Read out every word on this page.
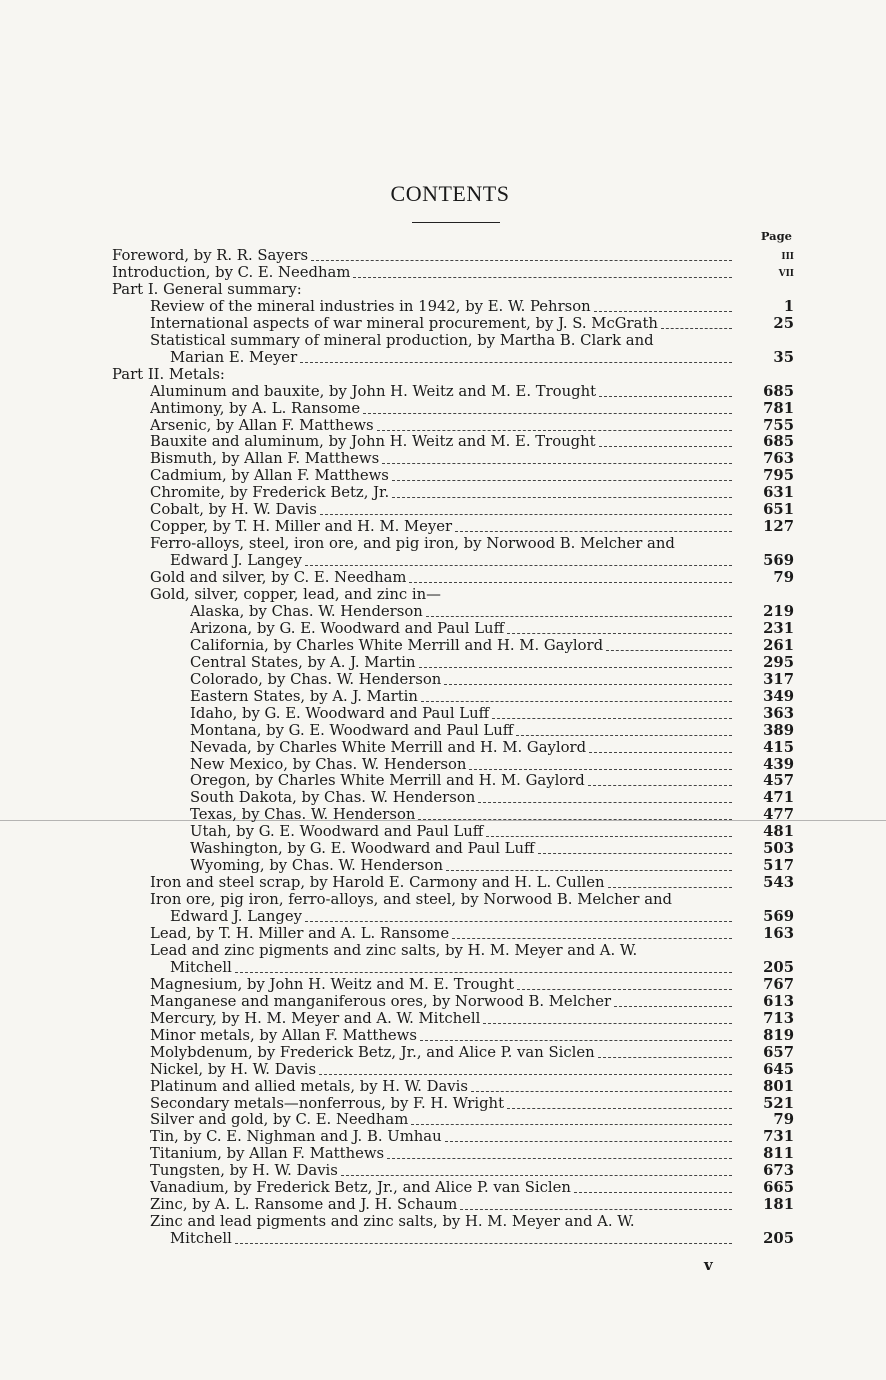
CONTENTS
Page
Foreword, by R. R. Sayers	iii
Introduction, by C. E. Needham	vii
Part I. General summary:
Review of the mineral industries in 1942, by E. W. Pehrson	1
International aspects of war mineral procurement, by J. S. McGrath	25
Statistical summary of mineral production, by Martha B. Clark and
Marian E. Meyer	35
Part II. Metals:
Aluminum and bauxite, by John H. Weitz and M. E. Trought	685
Antimony, by A. L. Ransome	781
Arsenic, by Allan F. Matthews	755
Bauxite and aluminum, by John H. Weitz and M. E. Trought	685
Bismuth, by Allan F. Matthews	763
Cadmium, by Allan F. Matthews	795
Chromite, by Frederick Betz, Jr.	631
Cobalt, by H. W. Davis	651
Copper, by T. H. Miller and H. M. Meyer	127
Ferro-alloys, steel, iron ore, and pig iron, by Norwood B. Melcher and
Edward J. Langey	569
Gold and silver, by C. E. Needham	79
Gold, silver, copper, lead, and zinc in—
Alaska, by Chas. W. Henderson	219
Arizona, by G. E. Woodward and Paul Luff	231
California, by Charles White Merrill and H. M. Gaylord	261
Central States, by A. J. Martin	295
Colorado, by Chas. W. Henderson	317
Eastern States, by A. J. Martin	349
Idaho, by G. E. Woodward and Paul Luff	363
Montana, by G. E. Woodward and Paul Luff	389
Nevada, by Charles White Merrill and H. M. Gaylord	415
New Mexico, by Chas. W. Henderson	439
Oregon, by Charles White Merrill and H. M. Gaylord	457
South Dakota, by Chas. W. Henderson	471
Texas, by Chas. W. Henderson	477
Utah, by G. E. Woodward and Paul Luff	481
Washington, by G. E. Woodward and Paul Luff	503
Wyoming, by Chas. W. Henderson	517
Iron and steel scrap, by Harold E. Carmony and H. L. Cullen	543
Iron ore, pig iron, ferro-alloys, and steel, by Norwood B. Melcher and
Edward J. Langey	569
Lead, by T. H. Miller and A. L. Ransome	163
Lead and zinc pigments and zinc salts, by H. M. Meyer and A. W.
Mitchell	205
Magnesium, by John H. Weitz and M. E. Trought	767
Manganese and manganiferous ores, by Norwood B. Melcher	613
Mercury, by H. M. Meyer and A. W. Mitchell	713
Minor metals, by Allan F. Matthews	819
Molybdenum, by Frederick Betz, Jr., and Alice P. van Siclen	657
Nickel, by H. W. Davis	645
Platinum and allied metals, by H. W. Davis	801
Secondary metals—nonferrous, by F. H. Wright	521
Silver and gold, by C. E. Needham	79
Tin, by C. E. Nighman and J. B. Umhau	731
Titanium, by Allan F. Matthews	811
Tungsten, by H. W. Davis	673
Vanadium, by Frederick Betz, Jr., and Alice P. van Siclen	665
Zinc, by A. L. Ransome and J. H. Schaum	181
Zinc and lead pigments and zinc salts, by H. M. Meyer and A. W.
Mitchell	205
v
